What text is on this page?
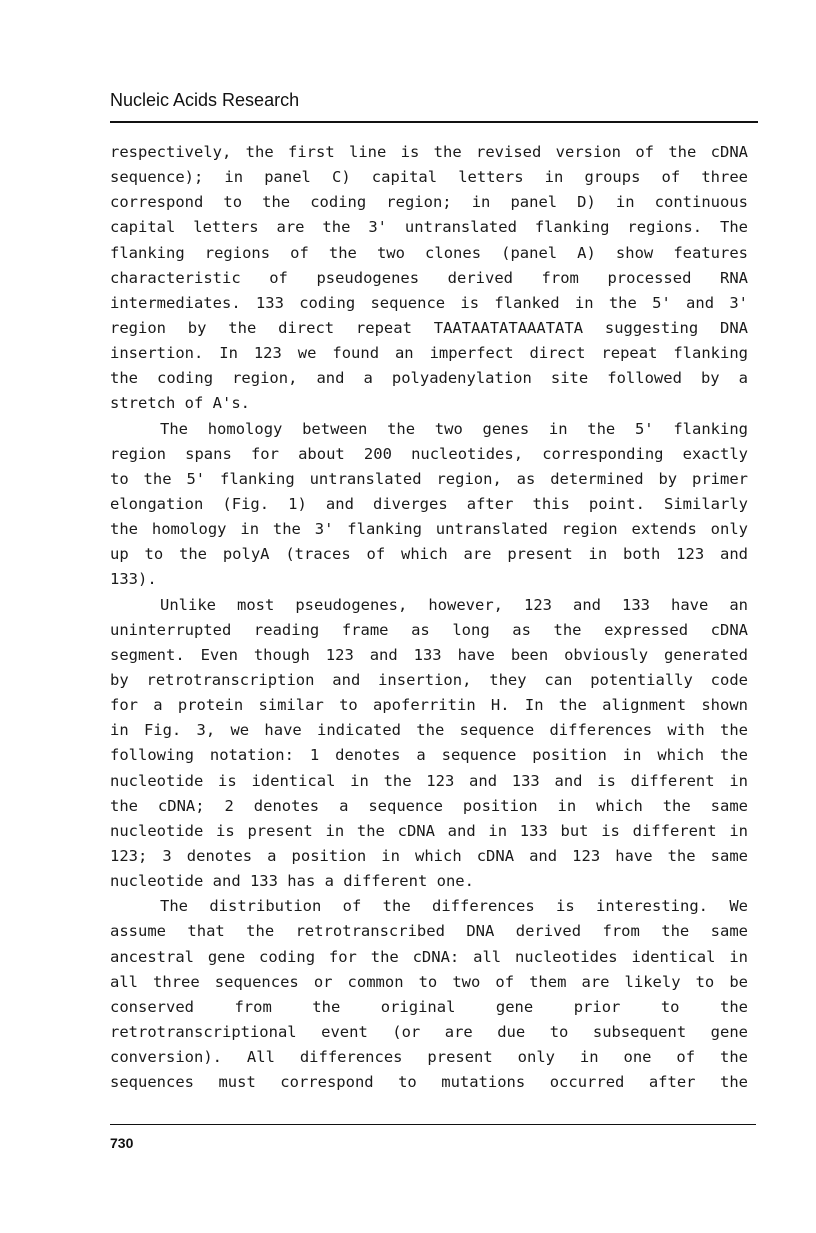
Nucleic Acids Research
respectively, the first line is the revised version of the cDNA
sequence); in panel C) capital letters in groups of three
correspond to the coding region; in panel D) in continuous
capital letters are the 3' untranslated flanking regions. The
flanking regions of the two clones (panel A) show features
characteristic of pseudogenes derived from processed RNA
intermediates. 133 coding sequence is flanked in the 5' and 3'
region by the direct repeat TAATAATATAAATATA suggesting DNA
insertion. In 123 we found an imperfect direct repeat flanking
the coding region, and a polyadenylation site followed by a
stretch of A's.
The homology between the two genes in the 5' flanking
region spans for about 200 nucleotides, corresponding exactly
to the 5' flanking untranslated region, as determined by primer
elongation (Fig. 1) and diverges after this point. Similarly
the homology in the 3' flanking untranslated region extends only
up to the polyA (traces of which are present in both 123 and
133).
Unlike most pseudogenes, however, 123 and 133 have an
uninterrupted reading frame as long as the expressed cDNA
segment. Even though 123 and 133 have been obviously generated
by retrotranscription and insertion, they can potentially code
for a protein similar to apoferritin H. In the alignment shown
in Fig. 3, we have indicated the sequence differences with the
following notation: 1 denotes a sequence position in which the
nucleotide is identical in the 123 and 133 and is different in
the cDNA; 2 denotes a sequence position in which the same
nucleotide is present in the cDNA and in 133 but is different in
123; 3 denotes a position in which cDNA and 123 have the same
nucleotide and 133 has a different one.
The distribution of the differences is interesting. We
assume that the retrotranscribed DNA derived from the same
ancestral gene coding for the cDNA: all nucleotides identical in
all three sequences or common to two of them are likely to be
conserved from the original gene prior to the
retrotranscriptional event (or are due to subsequent gene
conversion). All differences present only in one of the
sequences must correspond to mutations occurred after the
730
